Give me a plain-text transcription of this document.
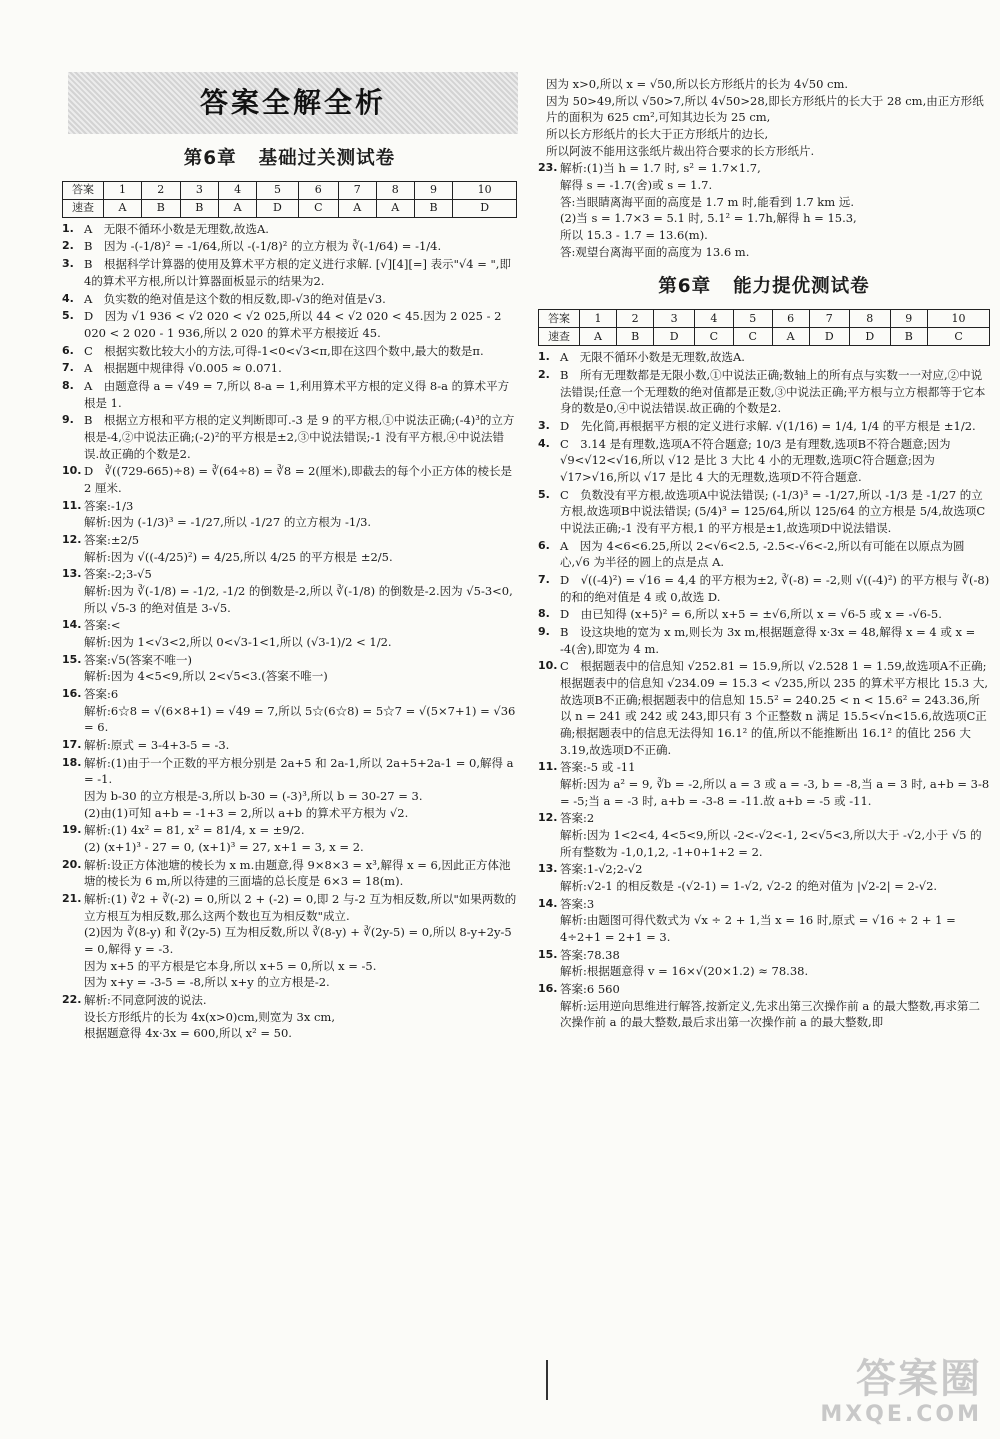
答案全解全析
第6章 基础过关测试卷
答案	1	2	3	4	5	6	7	8	9	10
速查	A	B	B	A	D	C	A	A	B	D
1. A　无限不循环小数是无理数,故选A.

2. B　因为 -(-1/8)² = -1/64,所以 -(-1/8)² 的立方根为 ∛(-1/64) = -1/4.

3. B　根据科学计算器的使用及算术平方根的定义进行求解. [√][4][=] 表示"√4 = ",即4的算术平方根,所以计算器面板显示的结果为2.

4. A　负实数的绝对值是这个数的相反数,即-√3的绝对值是√3.

5. D　因为 √1 936 < √2 020 < √2 025,所以 44 < √2 020 < 45.因为 2 025 - 2 020 < 2 020 - 1 936,所以 2 020 的算术平方根接近 45.

6. C　根据实数比较大小的方法,可得-1<0<√3<π,即在这四个数中,最大的数是π.

7. A　根据题中规律得 √0.005 ≈ 0.071.

8. A　由题意得 a = √49 = 7,所以 8-a = 1,利用算术平方根的定义得 8-a 的算术平方根是 1.

9. B　根据立方根和平方根的定义判断即可.-3 是 9 的平方根,①中说法正确;(-4)³的立方根是-4,②中说法正确;(-2)²的平方根是±2,③中说法错误;-1 没有平方根,④中说法错误.故正确的个数是2.

10. D　∛((729-665)÷8) = ∛(64÷8) = ∛8 = 2(厘米),即截去的每个小正方体的棱长是 2 厘米.

11. 答案:-1/3

解析:因为 (-1/3)³ = -1/27,所以 -1/27 的立方根为 -1/3.

12. 答案:±2/5

解析:因为 √((-4/25)²) = 4/25,所以 4/25 的平方根是 ±2/5.

13. 答案:-2;3-√5

解析:因为 ∛(-1/8) = -1/2, -1/2 的倒数是-2,所以 ∛(-1/8) 的倒数是-2.因为 √5-3<0,所以 √5-3 的绝对值是 3-√5.

14. 答案:<

解析:因为 1<√3<2,所以 0<√3-1<1,所以 (√3-1)/2 < 1/2.

15. 答案:√5(答案不唯一)

解析:因为 4<5<9,所以 2<√5<3.(答案不唯一)

16. 答案:6

解析:6☆8 = √(6×8+1) = √49 = 7,所以 5☆(6☆8) = 5☆7 = √(5×7+1) = √36 = 6.

17. 解析:原式 = 3-4+3-5 = -3.

18. 解析:(1)由于一个正数的平方根分别是 2a+5 和 2a-1,所以 2a+5+2a-1 = 0,解得 a = -1.

因为 b-30 的立方根是-3,所以 b-30 = (-3)³,所以 b = 30-27 = 3.

(2)由(1)可知 a+b = -1+3 = 2,所以 a+b 的算术平方根为 √2.

19. 解析:(1) 4x² = 81, x² = 81/4, x = ±9/2.

(2) (x+1)³ - 27 = 0, (x+1)³ = 27, x+1 = 3, x = 2.

20. 解析:设正方体池塘的棱长为 x m.由题意,得 9×8×3 = x³,解得 x = 6,因此正方体池塘的棱长为 6 m,所以待建的三面墙的总长度是 6×3 = 18(m).

21. 解析:(1) ∛2 + ∛(-2) = 0,所以 2 + (-2) = 0,即 2 与-2 互为相反数,所以"如果两数的立方根互为相反数,那么这两个数也互为相反数"成立.

(2)因为 ∛(8-y) 和 ∛(2y-5) 互为相反数,所以 ∛(8-y) + ∛(2y-5) = 0,所以 8-y+2y-5 = 0,解得 y = -3.

因为 x+5 的平方根是它本身,所以 x+5 = 0,所以 x = -5.

因为 x+y = -3-5 = -8,所以 x+y 的立方根是-2.

22. 解析:不同意阿波的说法.

设长方形纸片的长为 4x(x>0)cm,则宽为 3x cm,

根据题意得 4x·3x = 600,所以 x² = 50.

因为 x>0,所以 x = √50,所以长方形纸片的长为 4√50 cm.

因为 50>49,所以 √50>7,所以 4√50>28,即长方形纸片的长大于 28 cm,由正方形纸片的面积为 625 cm²,可知其边长为 25 cm,

所以长方形纸片的长大于正方形纸片的边长,

所以阿波不能用这张纸片裁出符合要求的长方形纸片.

23. 解析:(1)当 h = 1.7 时, s² = 1.7×1.7,

解得 s = -1.7(舍)或 s = 1.7.

答:当眼睛离海平面的高度是 1.7 m 时,能看到 1.7 km 远.

(2)当 s = 1.7×3 = 5.1 时, 5.1² = 1.7h,解得 h = 15.3,

所以 15.3 - 1.7 = 13.6(m).

答:观望台离海平面的高度为 13.6 m.

第6章 能力提优测试卷
答案	1	2	3	4	5	6	7	8	9	10
速查	A	B	D	C	C	A	D	D	B	C
1. A　无限不循环小数是无理数,故选A.

2. B　所有无理数都是无限小数,①中说法正确;数轴上的所有点与实数一一对应,②中说法错误;任意一个无理数的绝对值都是正数,③中说法正确;平方根与立方根都等于它本身的数是0,④中说法错误.故正确的个数是2.

3. D　先化简,再根据平方根的定义进行求解. √(1/16) = 1/4, 1/4 的平方根是 ±1/2.

4. C　3.14 是有理数,选项A不符合题意; 10/3 是有理数,选项B不符合题意;因为 √9<√12<√16,所以 √12 是比 3 大比 4 小的无理数,选项C符合题意;因为 √17>√16,所以 √17 是比 4 大的无理数,选项D不符合题意.

5. C　负数没有平方根,故选项A中说法错误; (-1/3)³ = -1/27,所以 -1/3 是 -1/27 的立方根,故选项B中说法错误; (5/4)³ = 125/64,所以 125/64 的立方根是 5/4,故选项C中说法正确;-1 没有平方根,1 的平方根是±1,故选项D中说法错误.

6. A　因为 4<6<6.25,所以 2<√6<2.5, -2.5<-√6<-2,所以有可能在以原点为圆心,√6 为半径的圆上的点是点 A.

7. D　√((-4)²) = √16 = 4,4 的平方根为±2, ∛(-8) = -2,则 √((-4)²) 的平方根与 ∛(-8) 的和的绝对值是 4 或 0,故选 D.

8. D　由已知得 (x+5)² = 6,所以 x+5 = ±√6,所以 x = √6-5 或 x = -√6-5.

9. B　设这块地的宽为 x m,则长为 3x m,根据题意得 x·3x = 48,解得 x = 4 或 x = -4(舍),即宽为 4 m.

10. C　根据题表中的信息知 √252.81 = 15.9,所以 √2.528 1 = 1.59,故选项A不正确;根据题表中的信息知 √234.09 = 15.3 < √235,所以 235 的算术平方根比 15.3 大,故选项B不正确;根据题表中的信息知 15.5² = 240.25 < n < 15.6² = 243.36,所以 n = 241 或 242 或 243,即只有 3 个正整数 n 满足 15.5<√n<15.6,故选项C正确;根据题表中的信息无法得知 16.1² 的值,所以不能推断出 16.1² 的值比 256 大 3.19,故选项D不正确.

11. 答案:-5 或 -11

解析:因为 a² = 9, ∛b = -2,所以 a = 3 或 a = -3, b = -8,当 a = 3 时, a+b = 3-8 = -5;当 a = -3 时, a+b = -3-8 = -11.故 a+b = -5 或 -11.

12. 答案:2

解析:因为 1<2<4, 4<5<9,所以 -2<-√2<-1, 2<√5<3,所以大于 -√2,小于 √5 的所有整数为 -1,0,1,2, -1+0+1+2 = 2.

13. 答案:1-√2;2-√2

解析:√2-1 的相反数是 -(√2-1) = 1-√2, √2-2 的绝对值为 |√2-2| = 2-√2.

14. 答案:3

解析:由题图可得代数式为 √x ÷ 2 + 1,当 x = 16 时,原式 = √16 ÷ 2 + 1 = 4÷2+1 = 2+1 = 3.

15. 答案:78.38

解析:根据题意得 v = 16×√(20×1.2) ≈ 78.38.

16. 答案:6 560

解析:运用逆向思维进行解答,按新定义,先求出第三次操作前 a 的最大整数,再求第二次操作前 a 的最大整数,最后求出第一次操作前 a 的最大整数,即

答案圈
MXQE.COM
